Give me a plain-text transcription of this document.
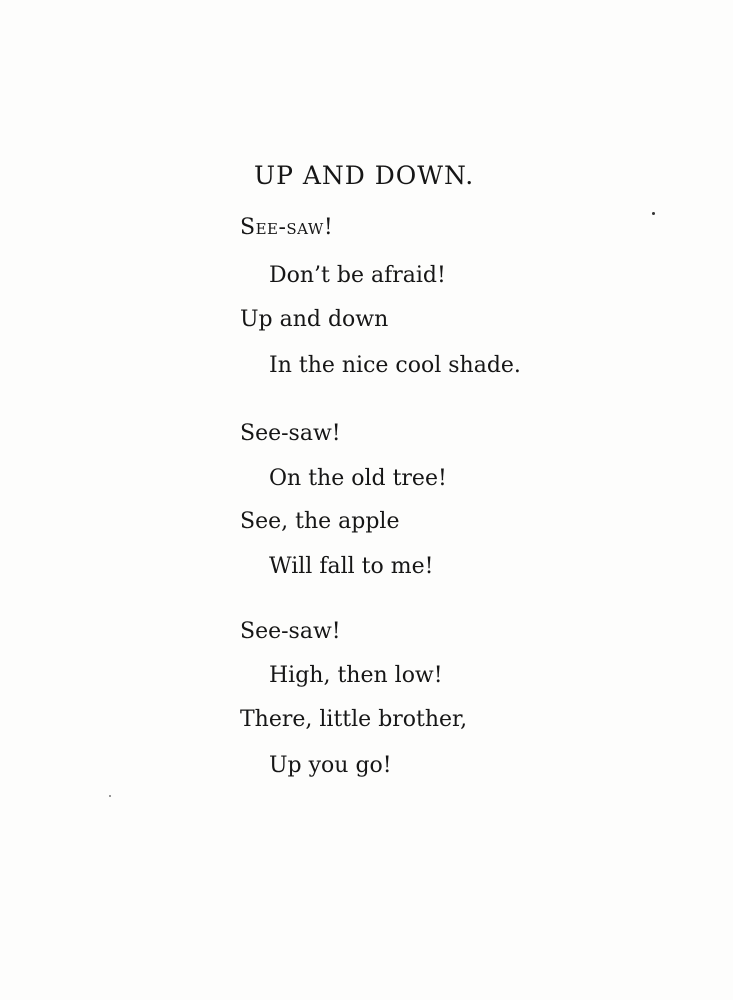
UP AND DOWN.
See-saw!
Don’t be afraid!
Up and down
In the nice cool shade.
See-saw!
On the old tree!
See, the apple
Will fall to me!
See-saw!
High, then low!
There, little brother,
Up you go!
